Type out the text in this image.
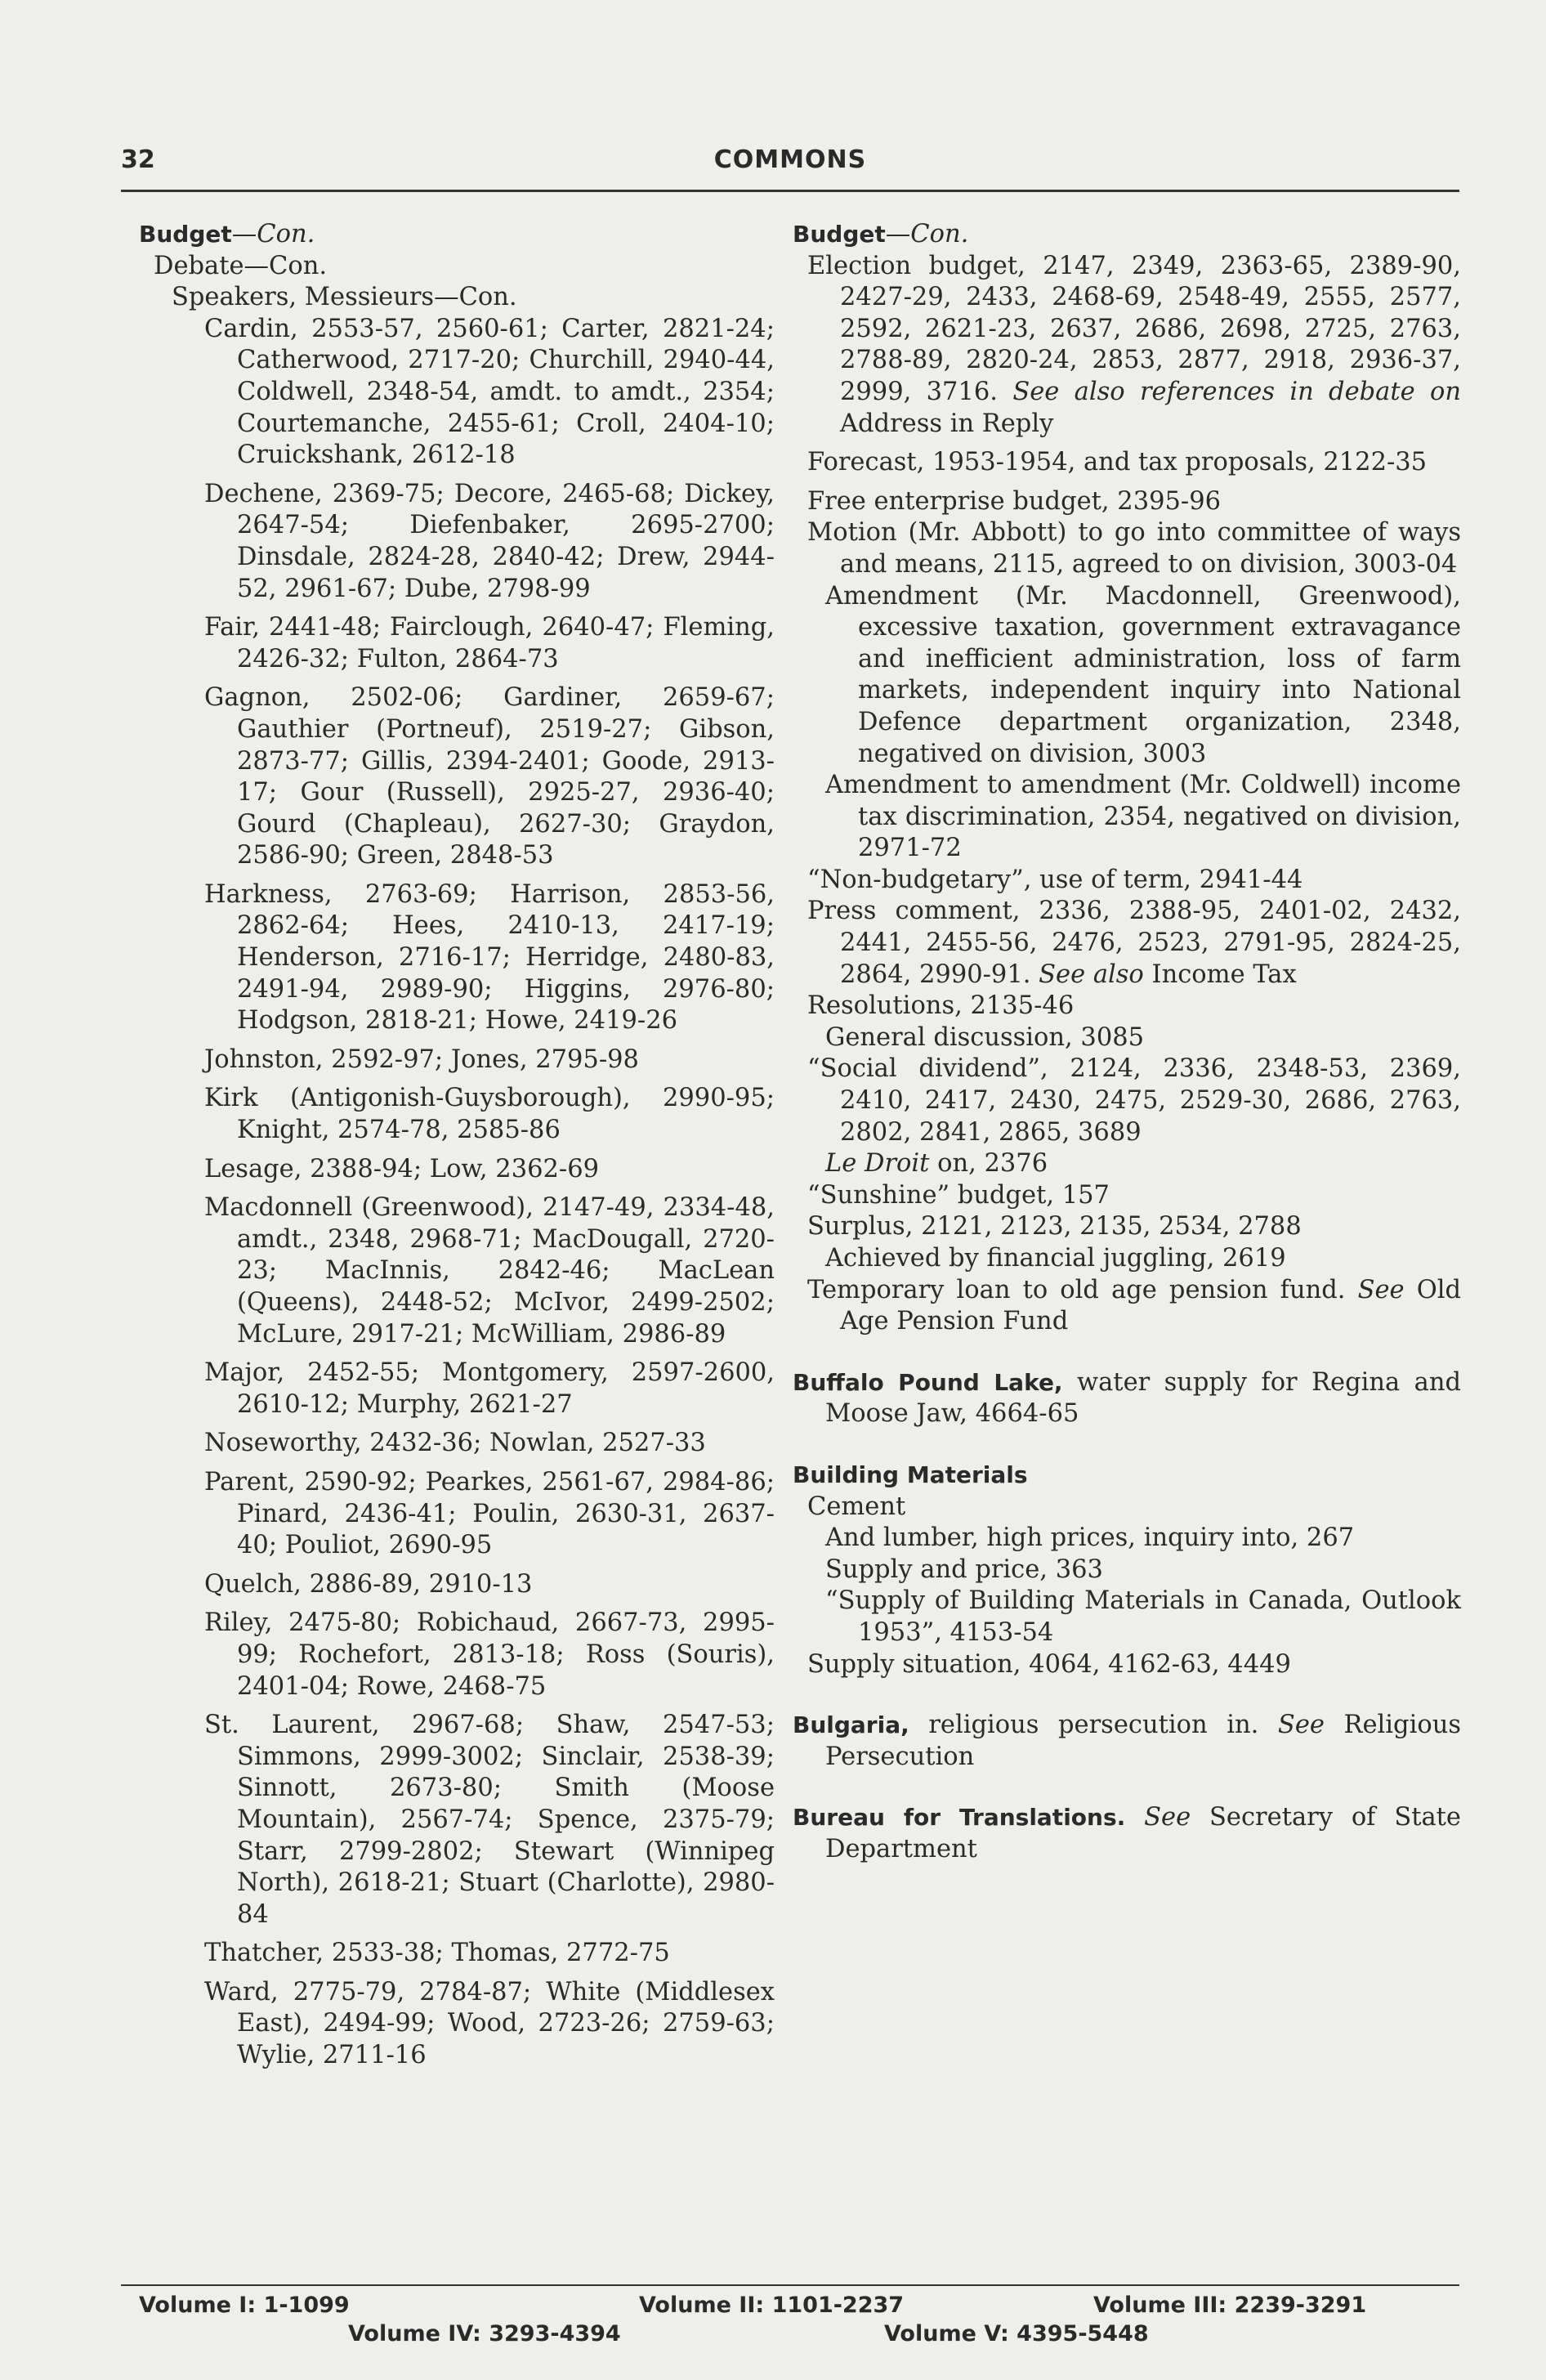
32	COMMONS
Budget—Con.
Debate—Con.
Speakers, Messieurs—Con.
Cardin, 2553-57, 2560-61; Carter, 2821-24; Catherwood, 2717-20; Churchill, 2940-44, Coldwell, 2348-54, amdt. to amdt., 2354; Courtemanche, 2455-61; Croll, 2404-10; Cruickshank, 2612-18
Dechene, 2369-75; Decore, 2465-68; Dickey, 2647-54; Diefenbaker, 2695-2700; Dinsdale, 2824-28, 2840-42; Drew, 2944-52, 2961-67; Dube, 2798-99
Fair, 2441-48; Fairclough, 2640-47; Fleming, 2426-32; Fulton, 2864-73
Gagnon, 2502-06; Gardiner, 2659-67; Gauthier (Portneuf), 2519-27; Gibson, 2873-77; Gillis, 2394-2401; Goode, 2913-17; Gour (Russell), 2925-27, 2936-40; Gourd (Chapleau), 2627-30; Graydon, 2586-90; Green, 2848-53
Harkness, 2763-69; Harrison, 2853-56, 2862-64; Hees, 2410-13, 2417-19; Henderson, 2716-17; Herridge, 2480-83, 2491-94, 2989-90; Higgins, 2976-80; Hodgson, 2818-21; Howe, 2419-26
Johnston, 2592-97; Jones, 2795-98
Kirk (Antigonish-Guysborough), 2990-95; Knight, 2574-78, 2585-86
Lesage, 2388-94; Low, 2362-69
Macdonnell (Greenwood), 2147-49, 2334-48, amdt., 2348, 2968-71; MacDougall, 2720-23; MacInnis, 2842-46; MacLean (Queens), 2448-52; McIvor, 2499-2502; McLure, 2917-21; McWilliam, 2986-89
Major, 2452-55; Montgomery, 2597-2600, 2610-12; Murphy, 2621-27
Noseworthy, 2432-36; Nowlan, 2527-33
Parent, 2590-92; Pearkes, 2561-67, 2984-86; Pinard, 2436-41; Poulin, 2630-31, 2637-40; Pouliot, 2690-95
Quelch, 2886-89, 2910-13
Riley, 2475-80; Robichaud, 2667-73, 2995-99; Rochefort, 2813-18; Ross (Souris), 2401-04; Rowe, 2468-75
St. Laurent, 2967-68; Shaw, 2547-53; Simmons, 2999-3002; Sinclair, 2538-39; Sinnott, 2673-80; Smith (Moose Mountain), 2567-74; Spence, 2375-79; Starr, 2799-2802; Stewart (Winnipeg North), 2618-21; Stuart (Charlotte), 2980-84
Thatcher, 2533-38; Thomas, 2772-75
Ward, 2775-79, 2784-87; White (Middlesex East), 2494-99; Wood, 2723-26; 2759-63; Wylie, 2711-16
Budget—Con.
Election budget, 2147, 2349, 2363-65, 2389-90, 2427-29, 2433, 2468-69, 2548-49, 2555, 2577, 2592, 2621-23, 2637, 2686, 2698, 2725, 2763, 2788-89, 2820-24, 2853, 2877, 2918, 2936-37, 2999, 3716. See also references in debate on Address in Reply
Forecast, 1953-1954, and tax proposals, 2122-35
Free enterprise budget, 2395-96
Motion (Mr. Abbott) to go into committee of ways and means, 2115, agreed to on division, 3003-04
Amendment (Mr. Macdonnell, Greenwood), excessive taxation, government extravagance and inefficient administration, loss of farm markets, independent inquiry into National Defence department organization, 2348, negatived on division, 3003
Amendment to amendment (Mr. Coldwell) income tax discrimination, 2354, negatived on division, 2971-72
“Non-budgetary”, use of term, 2941-44
Press comment, 2336, 2388-95, 2401-02, 2432, 2441, 2455-56, 2476, 2523, 2791-95, 2824-25, 2864, 2990-91. See also Income Tax
Resolutions, 2135-46
General discussion, 3085
“Social dividend”, 2124, 2336, 2348-53, 2369, 2410, 2417, 2430, 2475, 2529-30, 2686, 2763, 2802, 2841, 2865, 3689
Le Droit on, 2376
“Sunshine” budget, 157
Surplus, 2121, 2123, 2135, 2534, 2788
Achieved by financial juggling, 2619
Temporary loan to old age pension fund. See Old Age Pension Fund
Buffalo Pound Lake, water supply for Regina and Moose Jaw, 4664-65
Building Materials
Cement
And lumber, high prices, inquiry into, 267
Supply and price, 363
“Supply of Building Materials in Canada, Outlook 1953”, 4153-54
Supply situation, 4064, 4162-63, 4449
Bulgaria, religious persecution in. See Religious Persecution
Bureau for Translations. See Secretary of State Department
Volume I: 1-1099	Volume II: 1101-2237	Volume III: 2239-3291
Volume IV: 3293-4394	Volume V: 4395-5448
